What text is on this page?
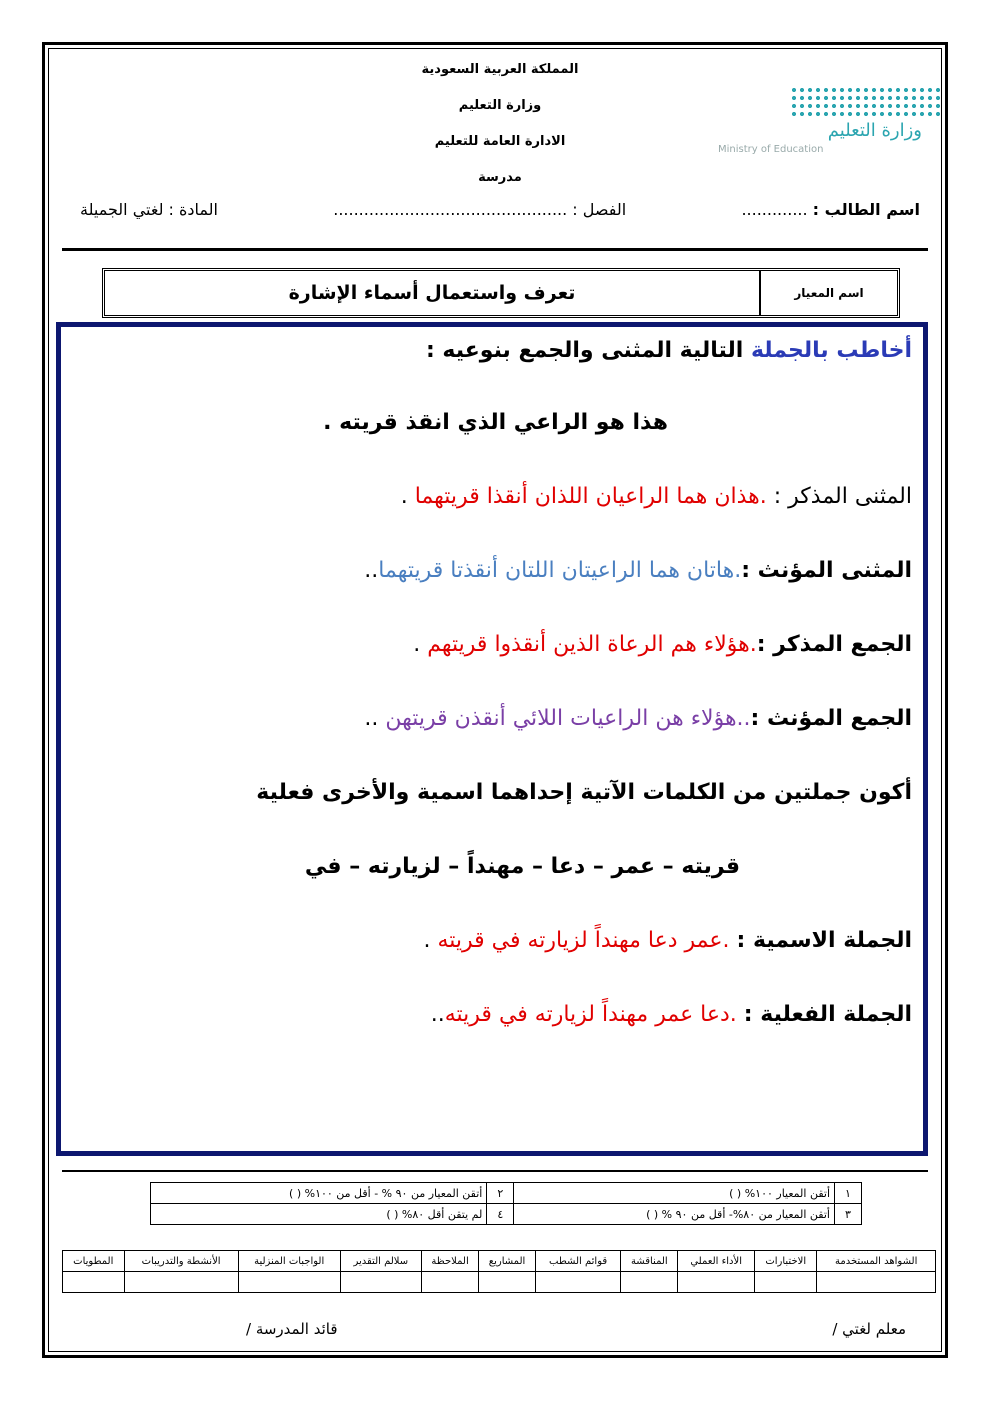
المملكة العربية السعودية
وزارة التعليم
الادارة العامة للتعليم
مدرسة
وزارة التعليم
Ministry of Education
اسم الطالب : .............
الفصل : ..............................................
المادة : لغتي الجميلة
اسم المعيار
تعرف واستعمال أسماء الإشارة
أخاطب بالجملة التالية المثنى والجمع بنوعيه :
هذا هو الراعي الذي انقذ قريته .
المثنى المذكر : .هذان هما الراعيان اللذان أنقذا قريتهما .
المثنى المؤنث :.هاتان هما الراعيتان اللتان أنقذتا قريتهما..
الجمع المذكر :.هؤلاء هم الرعاة الذين أنقذوا قريتهم .
الجمع المؤنث :..هؤلاء هن الراعيات اللائي أنقذن قريتهن ..
أكون جملتين من الكلمات الآتية إحداهما اسمية والأخرى فعلية
قريته – عمر – دعا – مهنداً – لزيارته – في
الجملة الاسمية : .عمر دعا مهنداً لزيارته في قريته .
الجملة الفعلية : .دعا عمر مهنداً لزيارته في قريته..
١	أتقن المعيار ١٠٠% ( )	٢	أتقن المعيار من ٩٠ % - أقل من ١٠٠% ( )
٣	أتقن المعيار من ٨٠%- أقل من ٩٠ % ( )	٤	لم يتقن أقل ٨٠% ( )
الشواهد المستخدمة	الاختبارات	الأداء العملي	المناقشة	قوائم الشطب	المشاريع	الملاحظة	سلالم التقدير	الواجبات المنزلية	الأنشطة والتدريبات	المطويات

معلم لغتي /
قائد المدرسة /
